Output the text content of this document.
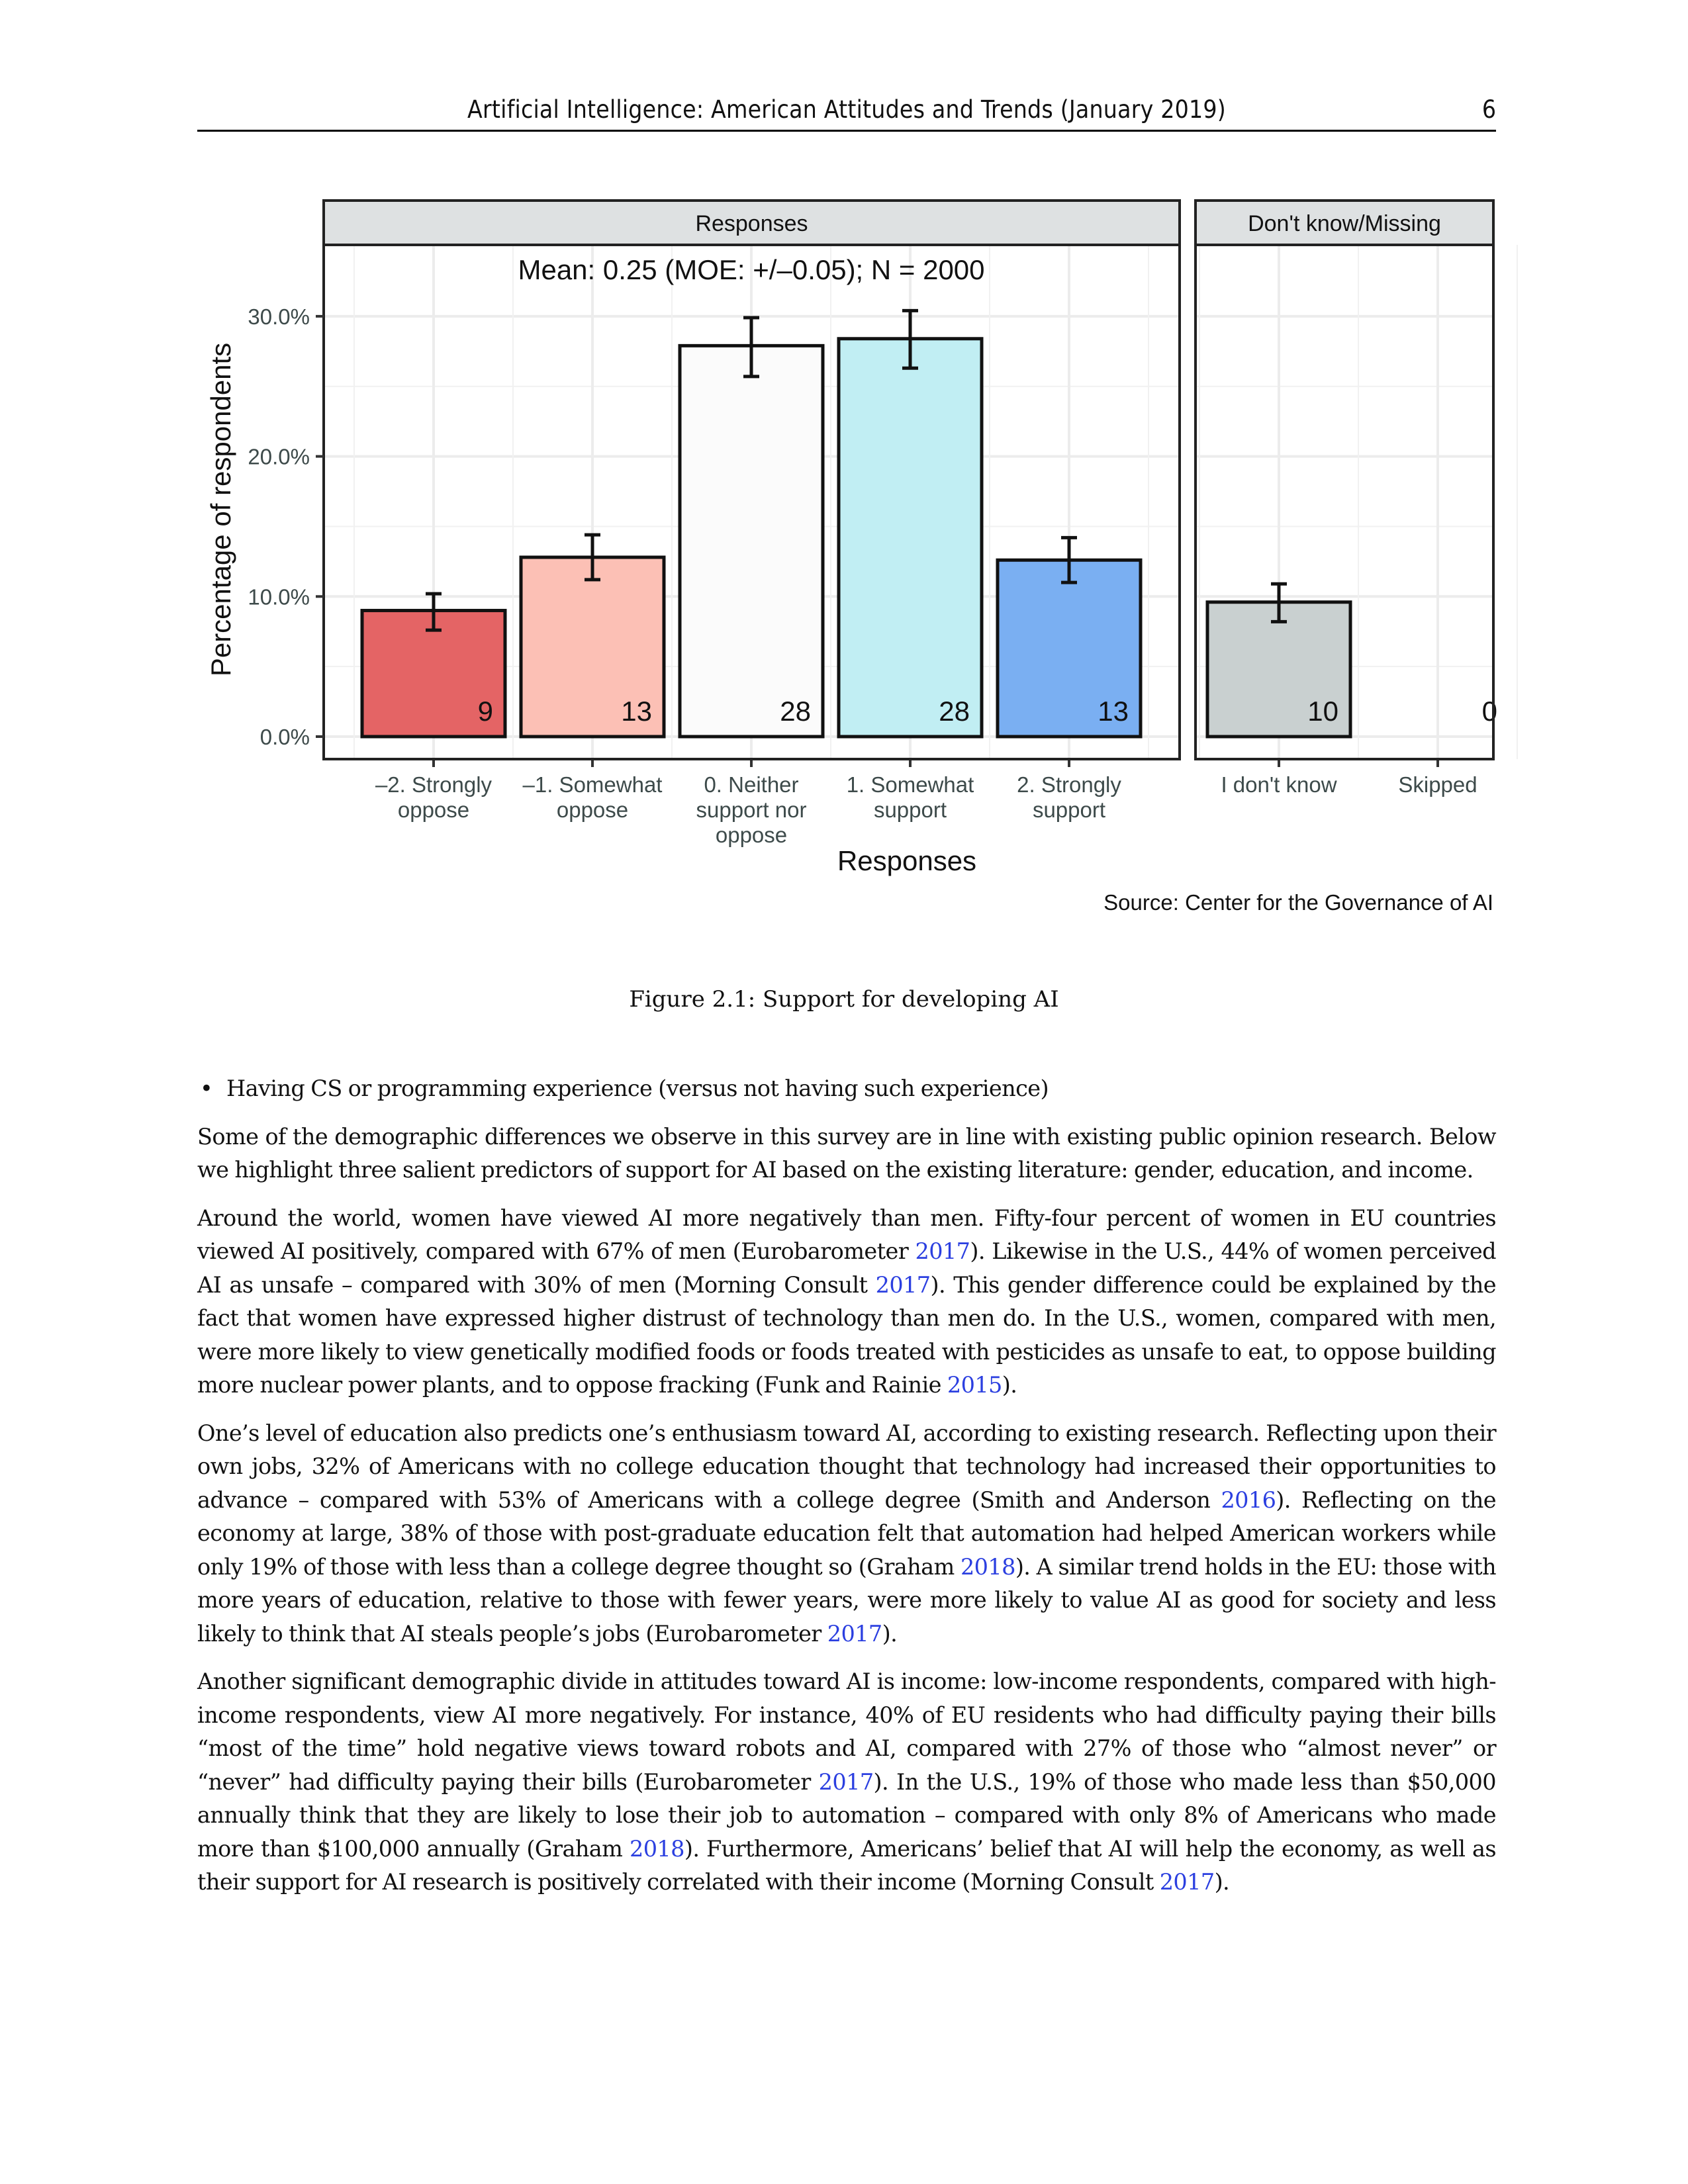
Artificial Intelligence: American Attitudes and Trends (January 2019)	6
Responses	Don't know/Missing
9
–2. Strongly
oppose
13
–1. Somewhat
oppose
28
0. Neither
support nor
oppose
28
1. Somewhat
support
13
2. Strongly
support
10
I don't know
0
Skipped
0.0%
10.0%
20.0%
30.0%
Percentage of respondents
Responses
Mean: 0.25 (MOE: +/–0.05); N = 2000
Source: Center for the Governance of AI
Figure 2.1: Support for developing AI
• Having CS or programming experience (versus not having such experience)

Some of the demographic differences we observe in this survey are in line with existing public opinion research. Below we highlight three salient predictors of support for AI based on the existing literature: gender, education, and income.

Around the world, women have viewed AI more negatively than men. Fifty-four percent of women in EU countries viewed AI positively, compared with 67% of men (Eurobarometer 2017). Likewise in the U.S., 44% of women perceived AI as unsafe – compared with 30% of men (Morning Consult 2017). This gender difference could be explained by the fact that women have expressed higher distrust of technology than men do. In the U.S., women, compared with men, were more likely to view genetically modified foods or foods treated with pesticides as unsafe to eat, to oppose building more nuclear power plants, and to oppose fracking (Funk and Rainie 2015).

One’s level of education also predicts one’s enthusiasm toward AI, according to existing research. Reflecting upon their own jobs, 32% of Americans with no college education thought that technology had increased their opportunities to advance – compared with 53% of Americans with a college degree (Smith and Anderson 2016). Reflecting on the economy at large, 38% of those with post-graduate education felt that automation had helped American workers while only 19% of those with less than a college degree thought so (Graham 2018). A similar trend holds in the EU: those with more years of education, relative to those with fewer years, were more likely to value AI as good for society and less likely to think that AI steals people’s jobs (Eurobarometer 2017).

Another significant demographic divide in attitudes toward AI is income: low-income respondents, compared with high-income respondents, view AI more negatively. For instance, 40% of EU residents who had difficulty paying their bills “most of the time” hold negative views toward robots and AI, compared with 27% of those who “almost never” or “never” had difficulty paying their bills (Eurobarometer 2017). In the U.S., 19% of those who made less than $50,000 annually think that they are likely to lose their job to automation – compared with only 8% of Americans who made more than $100,000 annually (Graham 2018). Furthermore, Americans’ belief that AI will help the economy, as well as their support for AI research is positively correlated with their income (Morning Consult 2017).
